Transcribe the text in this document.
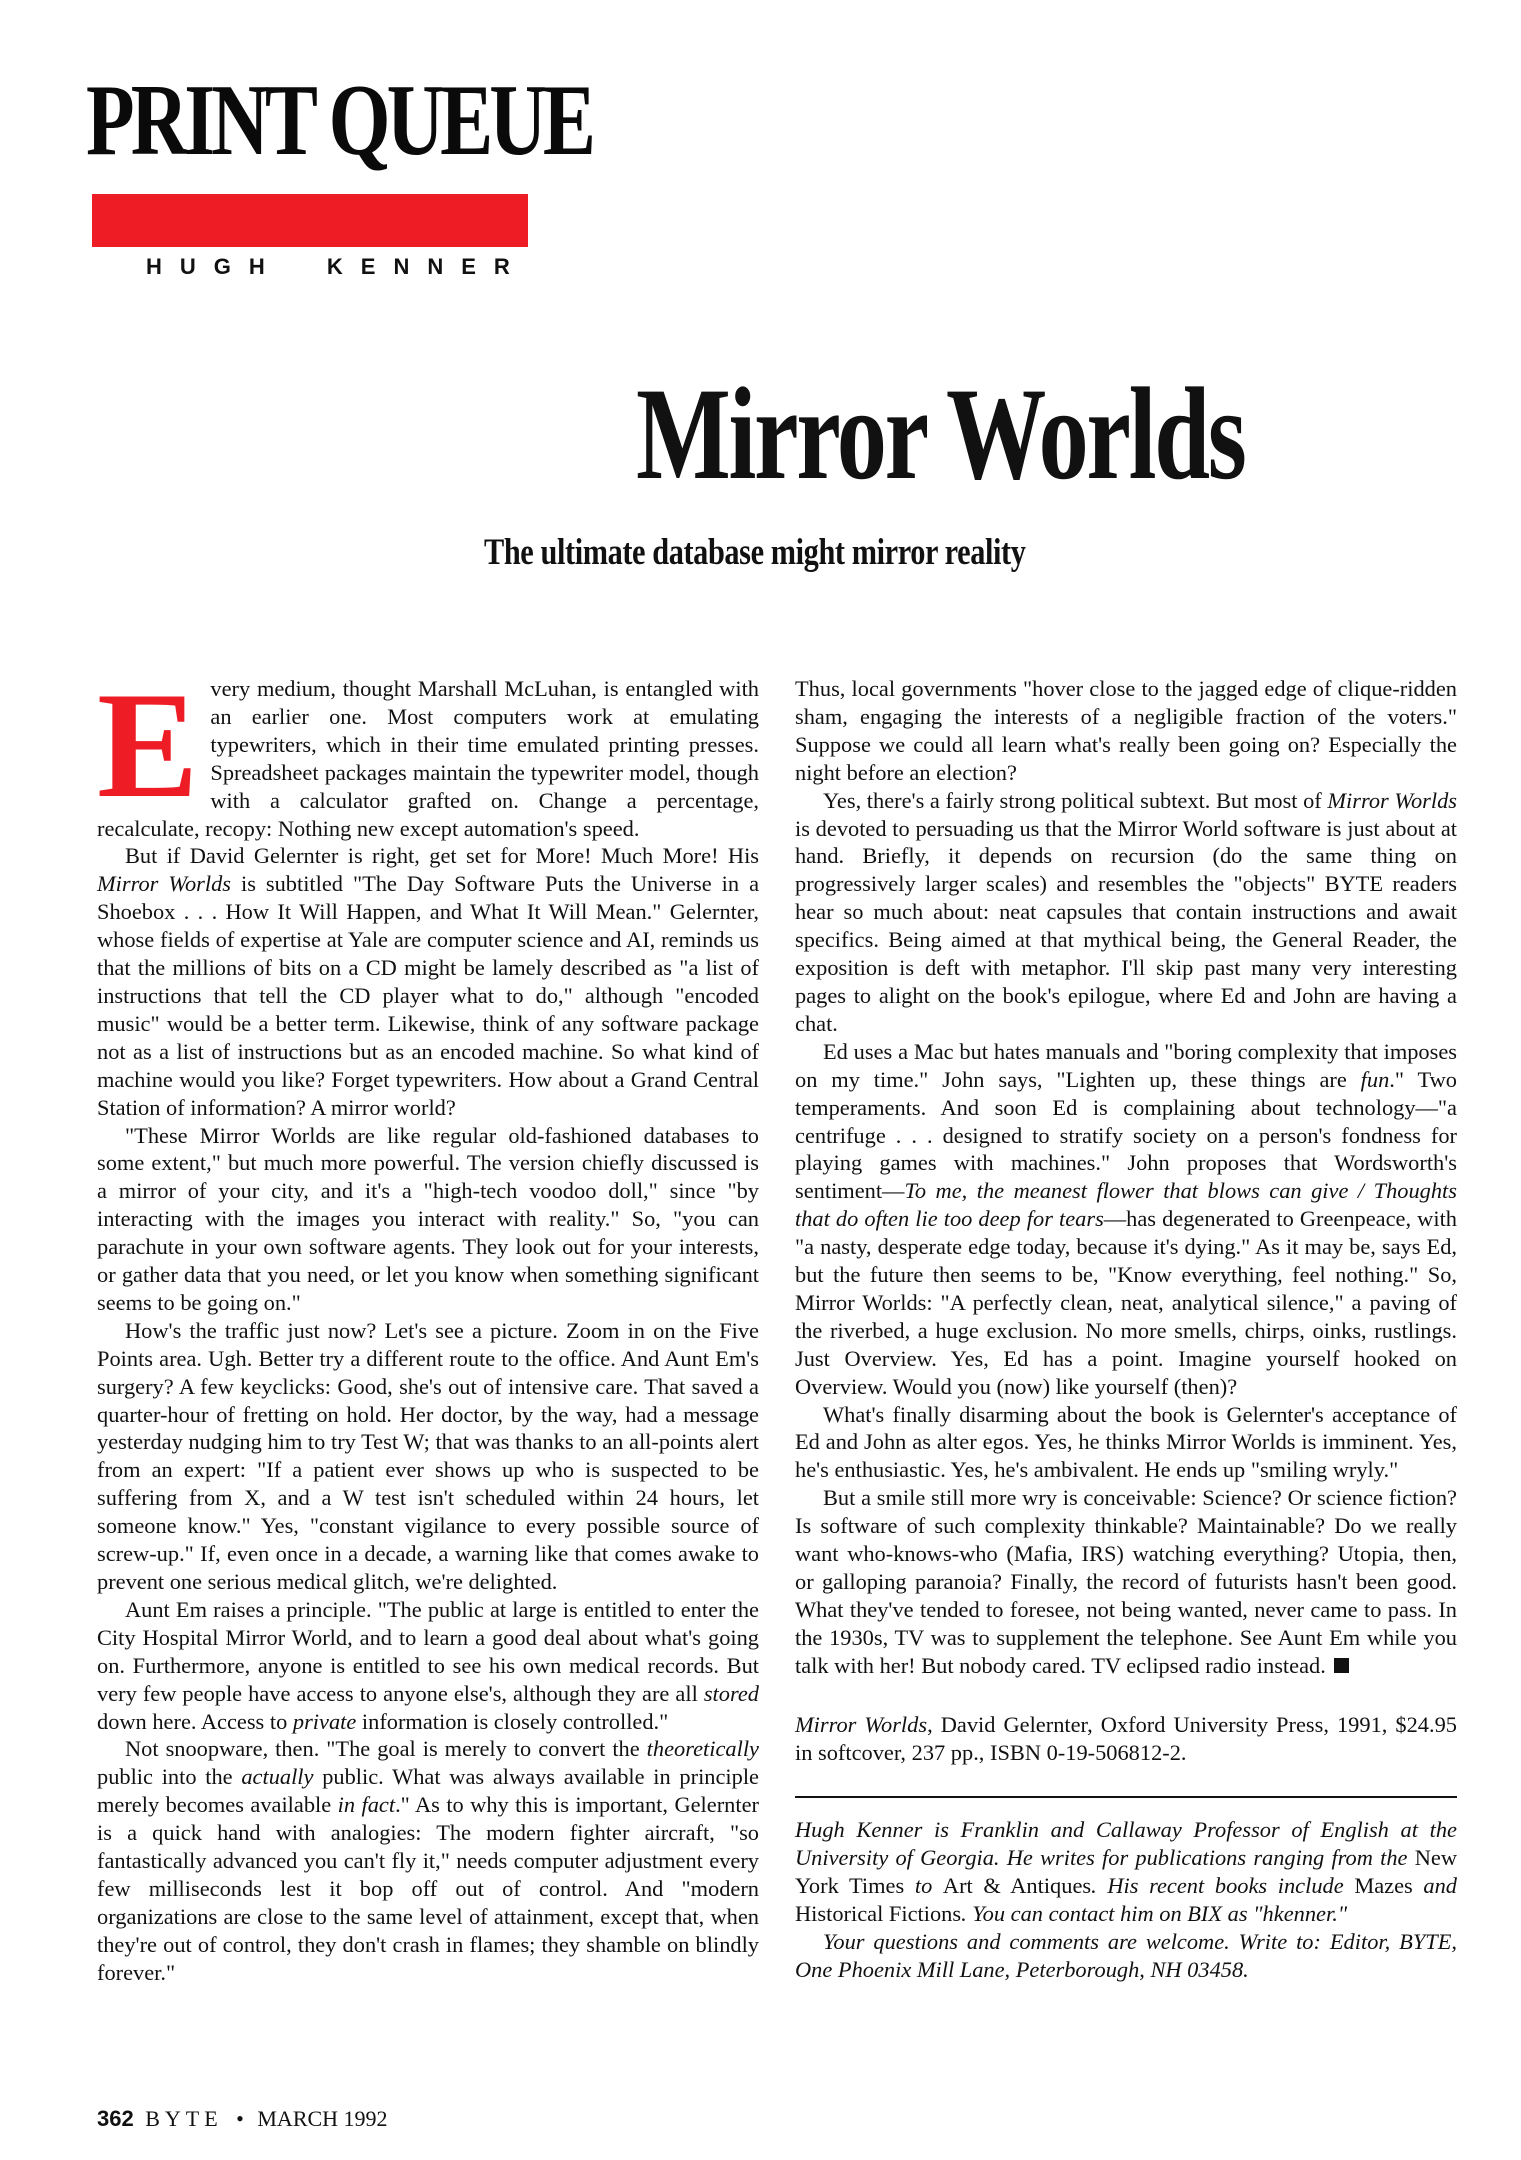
PRINT QUEUE
HUGH KENNER
Mirror Worlds
The ultimate database might mirror reality

Every medium, thought Marshall McLuhan, is entangled with an earlier one. Most computers work at emulating typewriters, which in their time emulated printing presses. Spreadsheet packages maintain the typewriter model, though with a calculator grafted on. Change a percentage, recalculate, recopy: Nothing new except automation's speed.

But if David Gelernter is right, get set for More! Much More! His Mirror Worlds is subtitled "The Day Software Puts the Universe in a Shoebox . . . How It Will Happen, and What It Will Mean." Gelernter, whose fields of expertise at Yale are computer science and AI, reminds us that the millions of bits on a CD might be lamely described as "a list of instructions that tell the CD player what to do," although "encoded music" would be a better term. Likewise, think of any software package not as a list of instructions but as an encoded machine. So what kind of machine would you like? Forget typewriters. How about a Grand Central Station of information? A mirror world?

"These Mirror Worlds are like regular old-fashioned databases to some extent," but much more powerful. The version chiefly discussed is a mirror of your city, and it's a "high-tech voodoo doll," since "by interacting with the images you interact with reality." So, "you can parachute in your own software agents. They look out for your interests, or gather data that you need, or let you know when something significant seems to be going on."

How's the traffic just now? Let's see a picture. Zoom in on the Five Points area. Ugh. Better try a different route to the office. And Aunt Em's surgery? A few keyclicks: Good, she's out of intensive care. That saved a quarter-hour of fretting on hold. Her doctor, by the way, had a message yesterday nudging him to try Test W; that was thanks to an all-points alert from an expert: "If a patient ever shows up who is suspected to be suffering from X, and a W test isn't scheduled within 24 hours, let someone know." Yes, "constant vigilance to every possible source of screw-up." If, even once in a decade, a warning like that comes awake to prevent one serious medical glitch, we're delighted.

Aunt Em raises a principle. "The public at large is entitled to enter the City Hospital Mirror World, and to learn a good deal about what's going on. Furthermore, anyone is entitled to see his own medical records. But very few people have access to anyone else's, although they are all stored down here. Access to private information is closely controlled."

Not snoopware, then. "The goal is merely to convert the theoretically public into the actually public. What was always available in principle merely becomes available in fact." As to why this is important, Gelernter is a quick hand with analogies: The modern fighter aircraft, "so fantastically advanced you can't fly it," needs computer adjustment every few milliseconds lest it bop off out of control. And "modern organizations are close to the same level of attainment, except that, when they're out of control, they don't crash in flames; they shamble on blindly forever."

Thus, local governments "hover close to the jagged edge of clique-ridden sham, engaging the interests of a negligible fraction of the voters." Suppose we could all learn what's really been going on? Especially the night before an election?

Yes, there's a fairly strong political subtext. But most of Mirror Worlds is devoted to persuading us that the Mirror World software is just about at hand. Briefly, it depends on recursion (do the same thing on progressively larger scales) and resembles the "objects" BYTE readers hear so much about: neat capsules that contain instructions and await specifics. Being aimed at that mythical being, the General Reader, the exposition is deft with metaphor. I'll skip past many very interesting pages to alight on the book's epilogue, where Ed and John are having a chat.

Ed uses a Mac but hates manuals and "boring complexity that imposes on my time." John says, "Lighten up, these things are fun." Two temperaments. And soon Ed is complaining about technology—"a centrifuge . . . designed to stratify society on a person's fondness for playing games with machines." John proposes that Wordsworth's sentiment—To me, the meanest flower that blows can give / Thoughts that do often lie too deep for tears—has degenerated to Greenpeace, with "a nasty, desperate edge today, because it's dying." As it may be, says Ed, but the future then seems to be, "Know everything, feel nothing." So, Mirror Worlds: "A perfectly clean, neat, analytical silence," a paving of the riverbed, a huge exclusion. No more smells, chirps, oinks, rustlings. Just Overview. Yes, Ed has a point. Imagine yourself hooked on Overview. Would you (now) like yourself (then)?

What's finally disarming about the book is Gelernter's acceptance of Ed and John as alter egos. Yes, he thinks Mirror Worlds is imminent. Yes, he's enthusiastic. Yes, he's ambivalent. He ends up "smiling wryly."

But a smile still more wry is conceivable: Science? Or science fiction? Is software of such complexity thinkable? Maintainable? Do we really want who-knows-who (Mafia, IRS) watching everything? Utopia, then, or galloping paranoia? Finally, the record of futurists hasn't been good. What they've tended to foresee, not being wanted, never came to pass. In the 1930s, TV was to supplement the telephone. See Aunt Em while you talk with her! But nobody cared. TV eclipsed radio instead.

Mirror Worlds, David Gelernter, Oxford University Press, 1991, $24.95 in softcover, 237 pp., ISBN 0-19-506812-2.

Hugh Kenner is Franklin and Callaway Professor of English at the University of Georgia. He writes for publications ranging from the New York Times to Art & Antiques. His recent books include Mazes and Historical Fictions. You can contact him on BIX as "hkenner."

Your questions and comments are welcome. Write to: Editor, BYTE, One Phoenix Mill Lane, Peterborough, NH 03458.

362 BYTE • MARCH 1992
